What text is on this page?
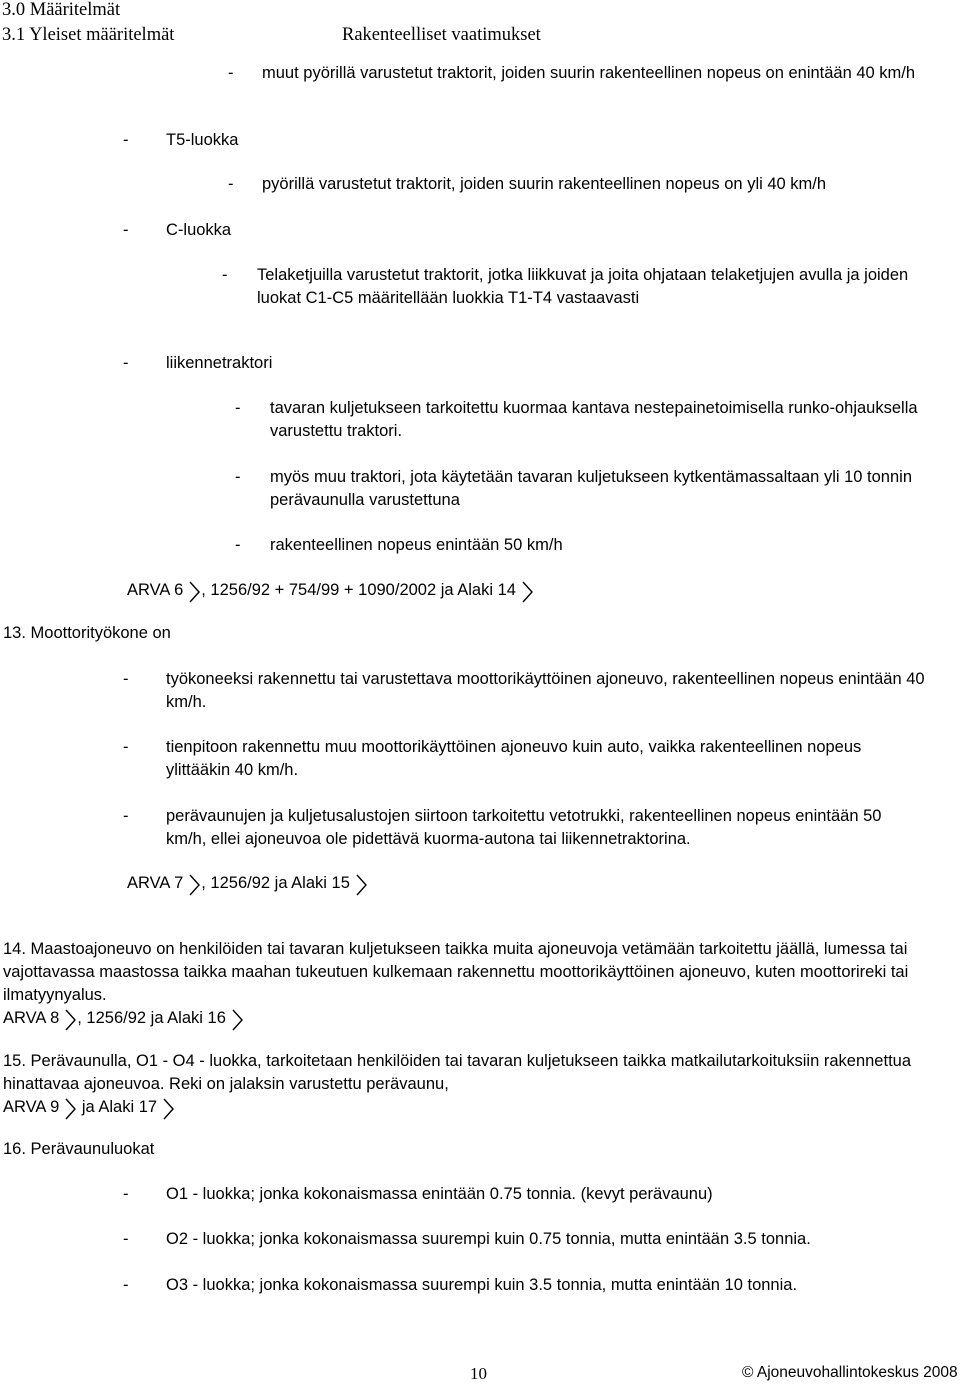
3.0 Määritelmät
3.1 Yleiset määritelmät	Rakenteelliset vaatimukset
- muut pyörillä varustetut traktorit, joiden suurin rakenteellinen nopeus on enintään 40 km/h
- T5-luokka
- pyörillä varustetut traktorit, joiden suurin rakenteellinen nopeus on yli 40 km/h
- C-luokka
- Telaketjuilla varustetut traktorit, jotka liikkuvat ja joita ohjataan telaketjujen avulla ja joiden luokat C1-C5 määritellään luokkia T1-T4 vastaavasti
- liikennetraktori
- tavaran kuljetukseen tarkoitettu kuormaa kantava nestepainetoimisella runko-ohjauksella varustettu traktori.
- myös muu traktori, jota käytetään tavaran kuljetukseen kytkentämassaltaan yli 10 tonnin perävaunulla varustettuna
- rakenteellinen nopeus enintään 50 km/h
ARVA 6 , 1256/92 + 754/99 + 1090/2002 ja Alaki 14
13. Moottorityökone on
- työkoneeksi rakennettu tai varustettava moottorikäyttöinen ajoneuvo, rakenteellinen nopeus enintään 40 km/h.
- tienpitoon rakennettu muu moottorikäyttöinen ajoneuvo kuin auto, vaikka rakenteellinen nopeus ylittääkin 40 km/h.
- perävaunujen ja kuljetusalustojen siirtoon tarkoitettu vetotrukki, rakenteellinen nopeus enintään 50 km/h, ellei ajoneuvoa ole pidettävä kuorma-autona tai liikennetraktorina.
ARVA 7 , 1256/92 ja Alaki 15
14. Maastoajoneuvo on henkilöiden tai tavaran kuljetukseen taikka muita ajoneuvoja vetämään tarkoitettu jäällä, lumessa tai vajottavassa maastossa taikka maahan tukeutuen kulkemaan rakennettu moottorikäyttöinen ajoneuvo, kuten moottorireki tai ilmatyynyalus.
ARVA 8 , 1256/92 ja Alaki 16
15. Perävaunulla, O1 - O4 - luokka, tarkoitetaan henkilöiden tai tavaran kuljetukseen taikka matkailutarkoituksiin rakennettua hinattavaa ajoneuvoa. Reki on jalaksin varustettu perävaunu,
ARVA 9
ja Alaki 17
16. Perävaunuluokat
- O1 - luokka; jonka kokonaismassa enintään 0.75 tonnia. (kevyt perävaunu)
- O2 - luokka; jonka kokonaismassa suurempi kuin 0.75 tonnia, mutta enintään 3.5 tonnia.
- O3 - luokka; jonka kokonaismassa suurempi kuin 3.5 tonnia, mutta enintään 10 tonnia.
10	© Ajoneuvohallintokeskus 2008
